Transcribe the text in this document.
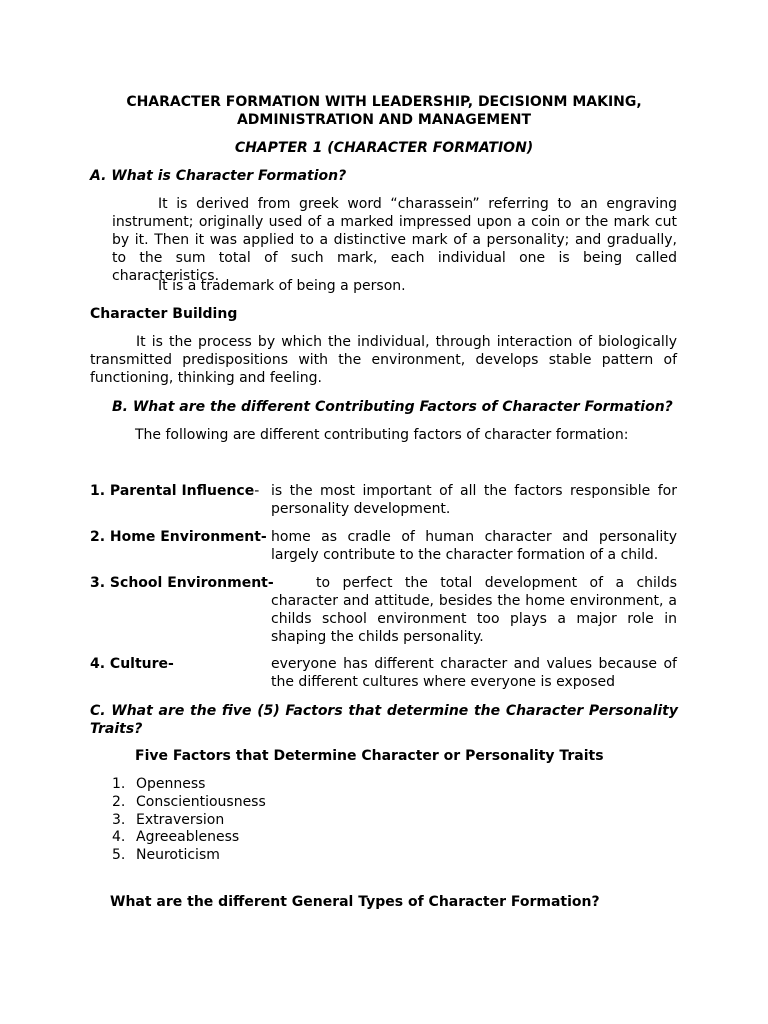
CHARACTER FORMATION WITH LEADERSHIP, DECISIONM MAKING,
ADMINISTRATION AND MANAGEMENT
CHAPTER 1 (CHARACTER FORMATION)
A. What is Character Formation?
It is derived from greek word “charassein” referring to an engraving instrument; originally used of a marked impressed upon a coin or the mark cut by it. Then it was applied to a distinctive mark of a personality; and gradually, to the sum total of such mark, each individual one is being called characteristics.
It is a trademark of being a person.
Character Building
It is the process by which the individual, through interaction of biologically transmitted predispositions with the environment, develops stable pattern of functioning, thinking and feeling.
B. What are the different Contributing Factors of Character Formation?
The following are different contributing factors of character formation:
1. Parental Influence- is the most important of all the factors responsible for personality development.
2. Home Environment- home as cradle of human character and personality largely contribute to the character formation of a child.
3. School Environment-	to perfect the total development of a childs character and attitude, besides the home environment, a childs school environment too plays a major role in shaping the childs personality.
4. Culture-	everyone has different character and values because of the different cultures where everyone is exposed
C. What are the five (5) Factors that determine the Character Personality Traits?
Five Factors that Determine Character or Personality Traits
1. Openness
2. Conscientiousness
3. Extraversion
4. Agreeableness
5. Neuroticism
What are the different General Types of Character Formation?
